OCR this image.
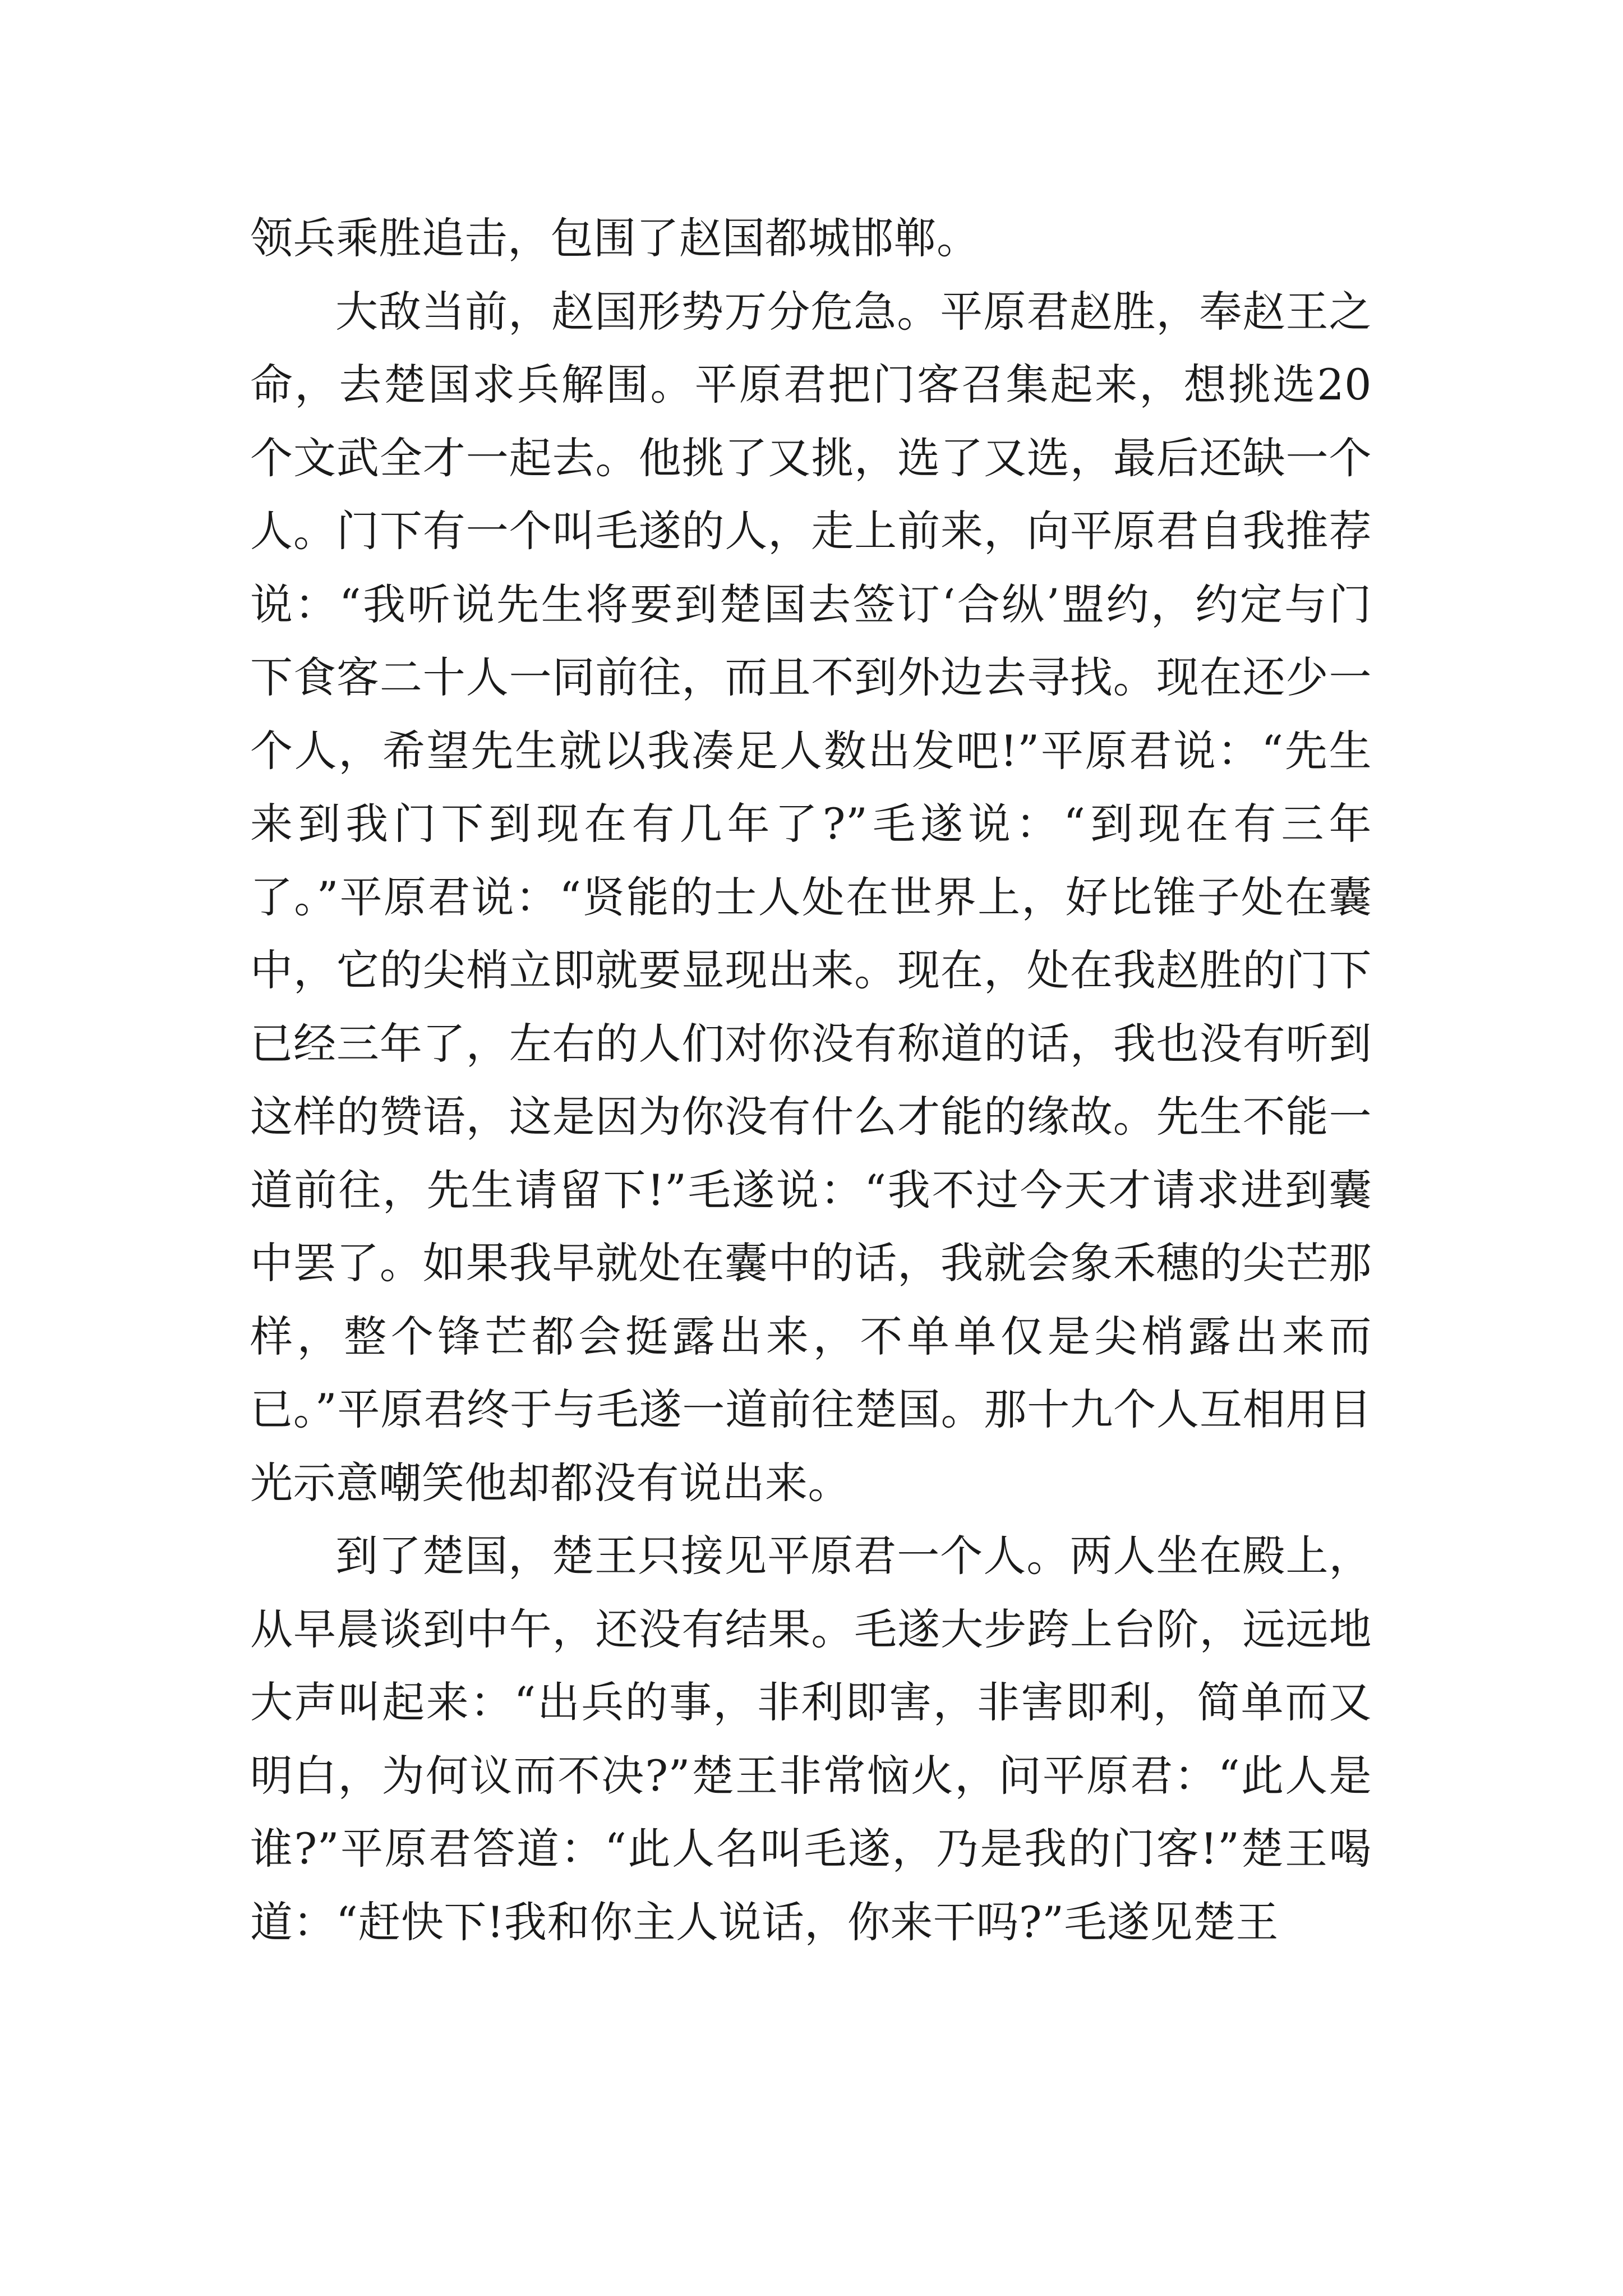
领兵乘胜追击，包围了赵国都城邯郸。

大敌当前，赵国形势万分危急。平原君赵胜，奉赵王之命，去楚国求兵解围。平原君把门客召集起来，想挑选20个文武全才一起去。他挑了又挑，选了又选，最后还缺一个人。门下有一个叫毛遂的人，走上前来，向平原君自我推荐说：“我听说先生将要到楚国去签订‘合纵’盟约，约定与门下食客二十人一同前往，而且不到外边去寻找。现在还少一个人，希望先生就以我凑足人数出发吧!”平原君说：“先生来到我门下到现在有几年了?”毛遂说：“到现在有三年了。”平原君说：“贤能的士人处在世界上，好比锥子处在囊中，它的尖梢立即就要显现出来。现在，处在我赵胜的门下已经三年了，左右的人们对你没有称道的话，我也没有听到这样的赞语，这是因为你没有什么才能的缘故。先生不能一道前往，先生请留下!”毛遂说：“我不过今天才请求进到囊中罢了。如果我早就处在囊中的话，我就会象禾穗的尖芒那样，整个锋芒都会挺露出来，不单单仅是尖梢露出来而已。”平原君终于与毛遂一道前往楚国。那十九个人互相用目光示意嘲笑他却都没有说出来。

到了楚国，楚王只接见平原君一个人。两人坐在殿上，从早晨谈到中午，还没有结果。毛遂大步跨上台阶，远远地大声叫起来：“出兵的事，非利即害，非害即利，简单而又明白，为何议而不决?”楚王非常恼火，问平原君：“此人是谁?”平原君答道：“此人名叫毛遂，乃是我的门客!”楚王喝道：“赶快下!我和你主人说话，你来干吗?”毛遂见楚王
